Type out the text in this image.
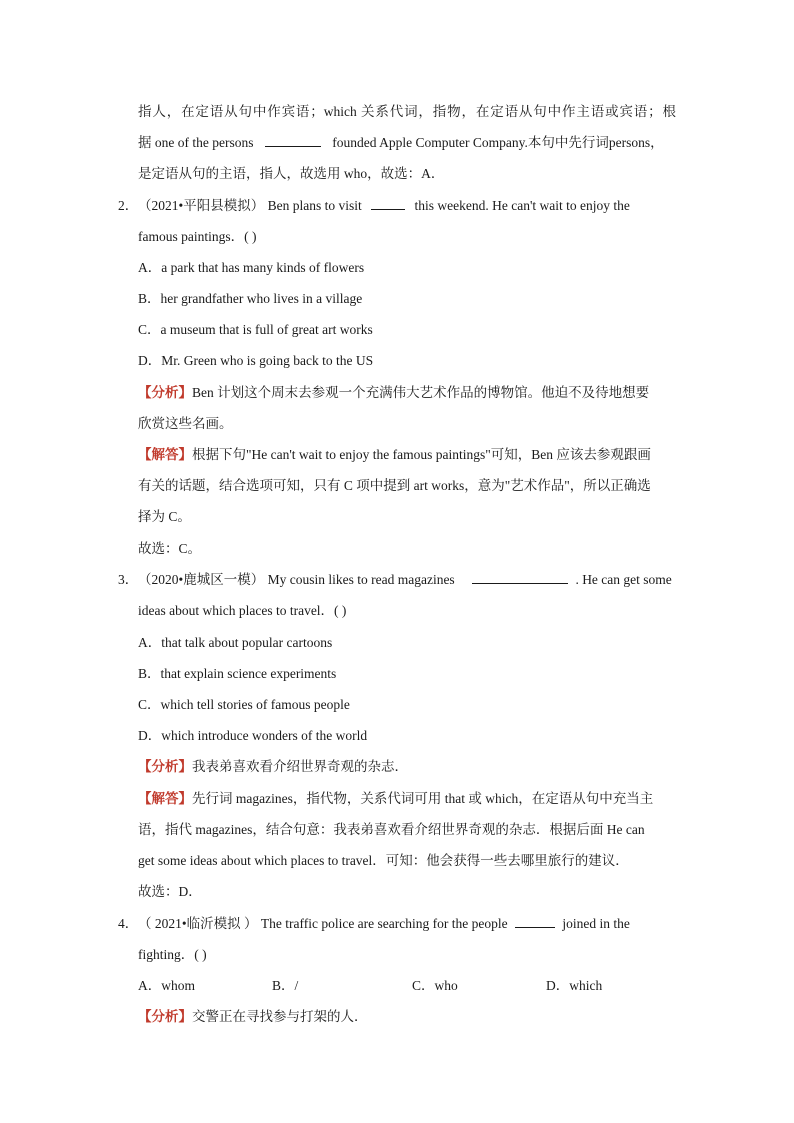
指人，在定语从句中作宾语；which 关系代词，指物，在定语从句中作主语或宾语；根
据 one of the persons	founded Apple Computer Company.本句中先行词persons，
是定语从句的主语，指人，故选用 who，故选：A．
2． （2021•平阳县模拟） Ben plans to visit	this weekend. He can't wait to enjoy the
famous paintings．( )
A．a park that has many kinds of flowers
B．her grandfather who lives in a village
C．a museum that is full of great art works
D．Mr. Green who is going back to the US
【分析】Ben 计划这个周末去参观一个充满伟大艺术作品的博物馆。他迫不及待地想要
欣赏这些名画。
【解答】根据下句"He can't wait to enjoy the famous paintings"可知，Ben 应该去参观跟画
有关的话题，结合选项可知，只有 C 项中提到 art works，意为"艺术作品"，所以正确选
择为 C。
故选：C。
3． （2020•鹿城区一模） My cousin likes to read magazines	. He can get some
ideas about which places to travel．( )
A．that talk about popular cartoons
B．that explain science experiments
C．which tell stories of famous people
D．which introduce wonders of the world
【分析】我表弟喜欢看介绍世界奇观的杂志．
【解答】先行词 magazines，指代物，关系代词可用 that 或 which，在定语从句中充当主
语，指代 magazines，结合句意：我表弟喜欢看介绍世界奇观的杂志．根据后面 He can
get some ideas about which places to travel．可知：他会获得一些去哪里旅行的建议．
故选：D．
4． （ 2021•临沂模拟 ） The traffic police are searching for the people	joined in the
fighting．( )
A．whom	B．/	C．who	D．which
【分析】交警正在寻找参与打架的人．
